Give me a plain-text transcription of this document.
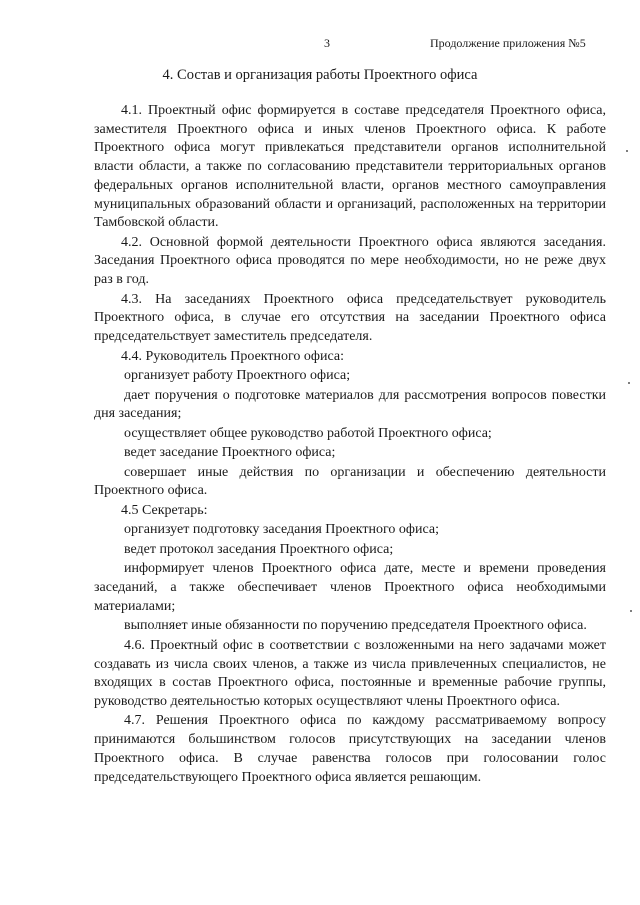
3	Продолжение приложения №5
4. Состав и организация работы Проектного офиса

4.1. Проектный офис формируется в составе председателя Проектного офиса, заместителя Проектного офиса и иных членов Проектного офиса. К работе Проектного офиса могут привлекаться представители органов исполнительной власти области, а также по согласованию представители территориальных органов федеральных органов исполнительной власти, органов местного самоуправления муниципальных образований области и организаций, расположенных на территории Тамбовской области.

4.2. Основной формой деятельности Проектного офиса являются заседания. Заседания Проектного офиса проводятся по мере необходимости, но не реже двух раз в год.

4.3. На заседаниях Проектного офиса председательствует руководитель Проектного офиса, в случае его отсутствия на заседании Проектного офиса председательствует заместитель председателя.

4.4. Руководитель Проектного офиса:

организует работу Проектного офиса;

дает поручения о подготовке материалов для рассмотрения вопросов повестки дня заседания;

осуществляет общее руководство работой Проектного офиса;

ведет заседание Проектного офиса;

совершает иные действия по организации и обеспечению деятельности Проектного офиса.

4.5 Секретарь:

организует подготовку заседания Проектного офиса;

ведет протокол заседания Проектного офиса;

информирует членов Проектного офиса дате, месте и времени проведения заседаний, а также обеспечивает членов Проектного офиса необходимыми материалами;

выполняет иные обязанности по поручению председателя Проектного офиса.

4.6. Проектный офис в соответствии с возложенными на него задачами может создавать из числа своих членов, а также из числа привлеченных специалистов, не входящих в состав Проектного офиса, постоянные и временные рабочие группы, руководство деятельностью которых осуществляют члены Проектного офиса.

4.7. Решения Проектного офиса по каждому рассматриваемому вопросу принимаются большинством голосов присутствующих на заседании членов Проектного офиса. В случае равенства голосов при голосовании голос председательствующего Проектного офиса является решающим.
